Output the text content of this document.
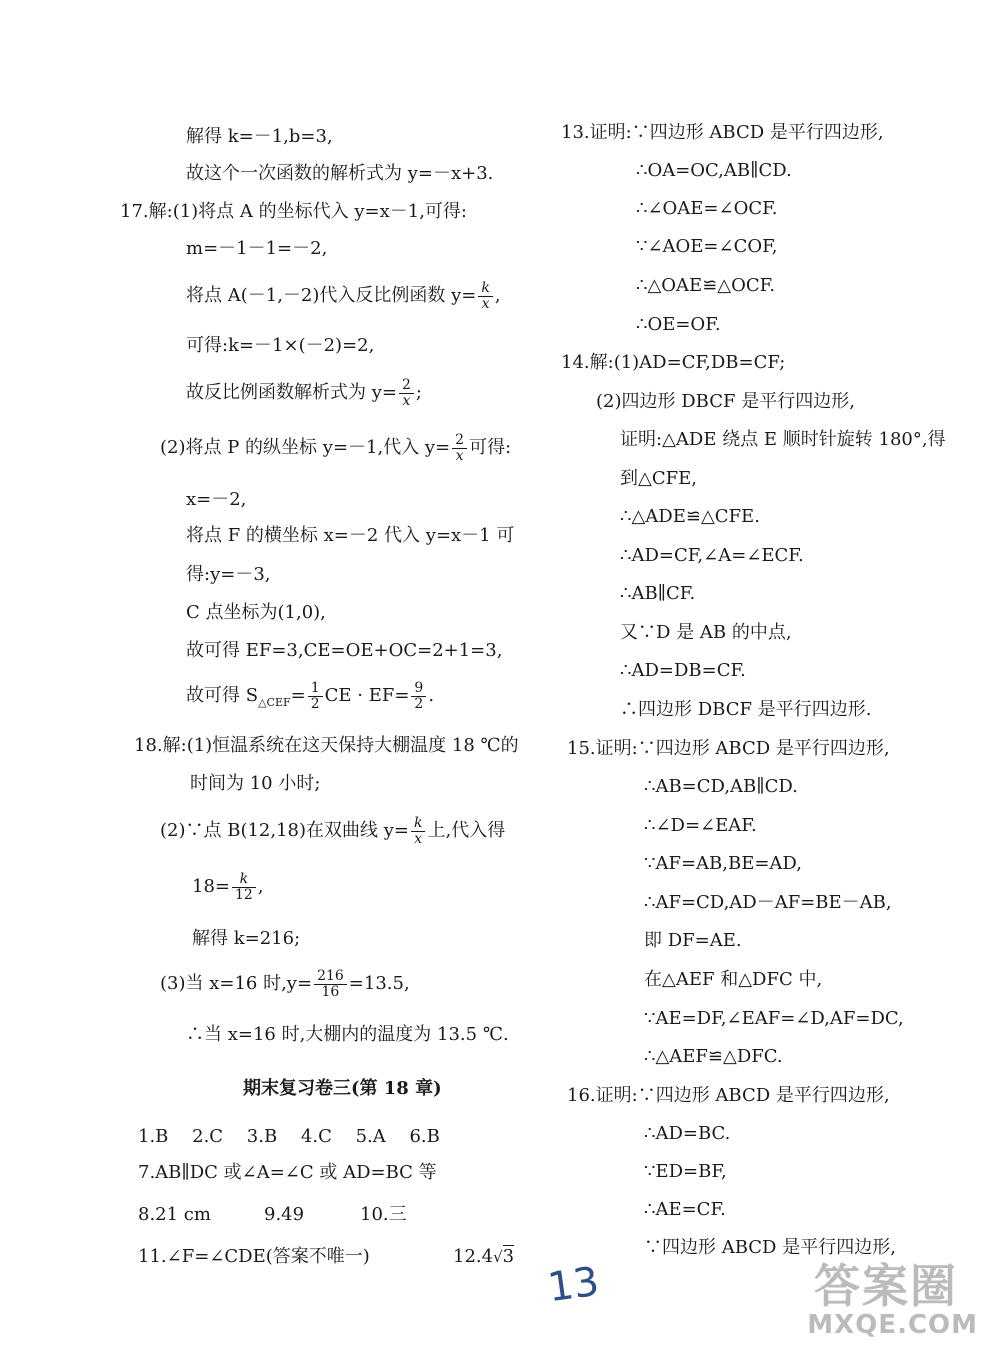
解得 k=－1,b=3,
故这个一次函数的解析式为 y=－x+3.
17.解:(1)将点 A 的坐标代入 y=x－1,可得:
m=－1－1=－2,
将点 A(－1,－2)代入反比例函数 $y= \frac{k}{x}$ ,
可得:k=－1×(－2)=2,
故反比例函数解析式为 $y= \frac{2}{x}$ ;
(2)将点 P 的纵坐标 y=－1,代入 $y= \frac{2}{x}$ 可得:
x=－2,
将点 F 的横坐标 x=－2 代入 y=x－1 可
得:y=－3,
C 点坐标为(1,0),
故可得 EF=3,CE=OE+OC=2+1=3,
故可得 $S_{\triangle CEF}= \frac{1}{2}$ CE · $EF= \frac{9}{2}$ .
18.解:(1)恒温系统在这天保持大棚温度 18 ℃的
时间为 10 小时;
(2)∵点 B(12,18)在双曲线 $y= \frac{k}{x}$ 上,代入得
$18= \frac{k}{12}$ ,
解得 k=216;
(3)当 x=16 时$,y= \frac{216}{16} =13.5$,
∴当 x=16 时,大棚内的温度为 13.5 ℃.
期末复习卷三(第 18 章)
1.B　 2.C　 3.B　 4.C　 5.A　 6.B
7.AB∥DC 或∠A=∠C 或 AD=BC 等
8.21 cm	9.49	10.三
11.∠F=∠CDE(答案不唯一)	12.4√3
13.证明:∵四边形 ABCD 是平行四边形,
∴OA=OC,AB∥CD.
∴∠OAE=∠OCF.
∵∠AOE=∠COF,
∴△OAE≌△OCF.
∴OE=OF.
14.解:(1)AD=CF,DB=CF;
(2)四边形 DBCF 是平行四边形,
证明:△ADE 绕点 E 顺时针旋转 180°,得
到△CFE,
∴△ADE≌△CFE.
∴AD=CF,∠A=∠ECF.
∴AB∥CF.
又∵D 是 AB 的中点,
∴AD=DB=CF.
∴四边形 DBCF 是平行四边形.
15.证明:∵四边形 ABCD 是平行四边形,
∴AB=CD,AB∥CD.
∴∠D=∠EAF.
∵AF=AB,BE=AD,
∴AF=CD,AD－AF=BE－AB,
即 DF=AE.
在△AEF 和△DFC 中,
∵AE=DF,∠EAF=∠D,AF=DC,
∴△AEF≌△DFC.
16.证明:∵四边形 ABCD 是平行四边形,
∴AD=BC.
∵ED=BF,
∴AE=CF.
∵四边形 ABCD 是平行四边形,
13	答案圈
MXQE.COM
